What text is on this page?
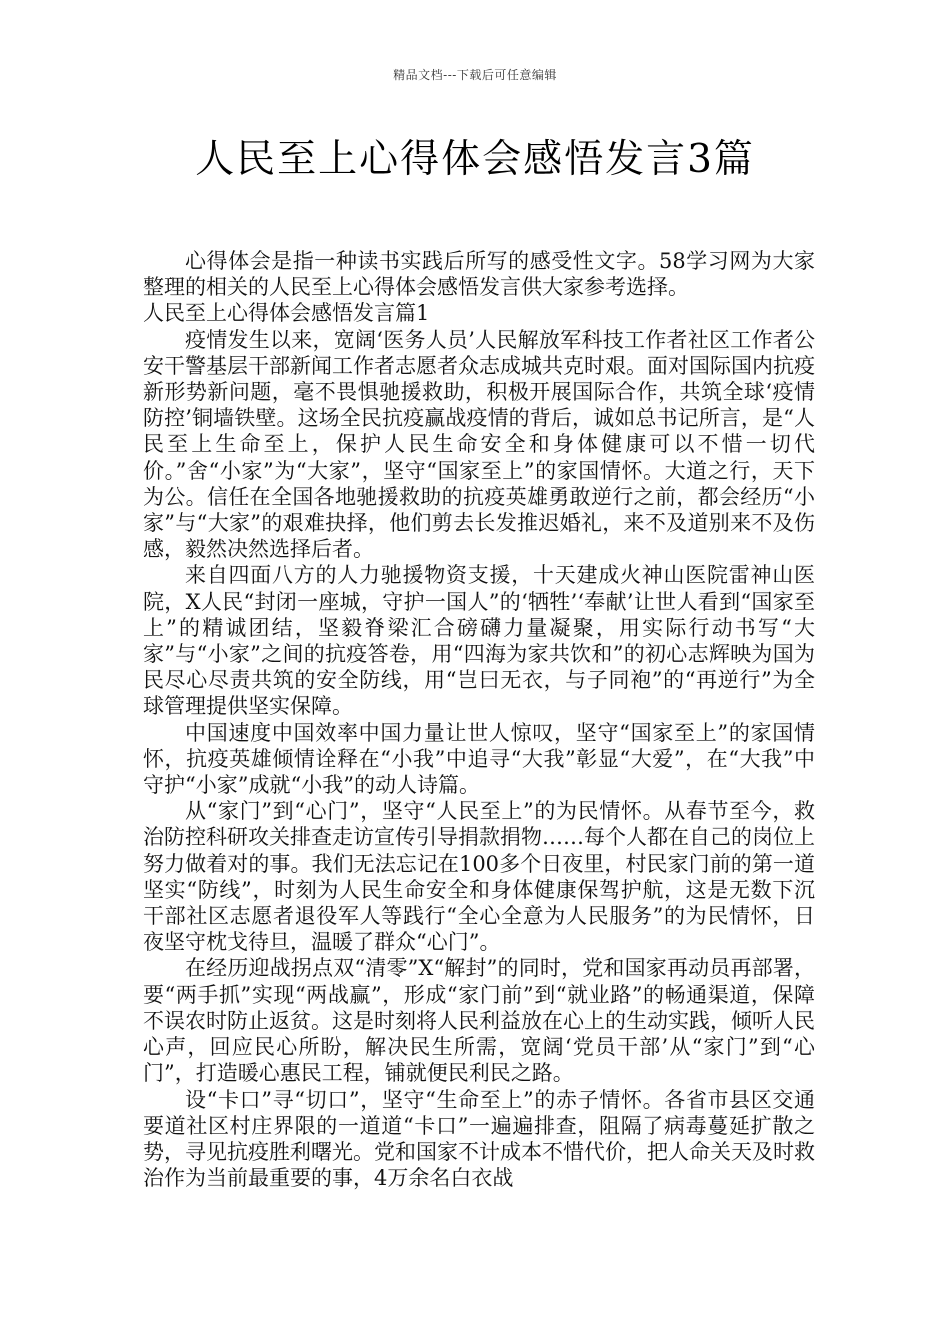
精品文档---下载后可任意编辑
人民至上心得体会感悟发言3篇

心得体会是指一种读书实践后所写的感受性文字。58学习网为大家整理的相关的人民至上心得体会感悟发言供大家参考选择。

人民至上心得体会感悟发言篇1

疫情发生以来，宽阔‘医务人员’人民解放军科技工作者社区工作者公安干警基层干部新闻工作者志愿者众志成城共克时艰。面对国际国内抗疫新形势新问题，毫不畏惧驰援救助，积极开展国际合作，共筑全球‘疫情防控’铜墙铁壁。这场全民抗疫赢战疫情的背后，诚如总书记所言，是“人民至上生命至上，保护人民生命安全和身体健康可以不惜一切代价。”舍“小家”为“大家”，坚守“国家至上”的家国情怀。大道之行，天下为公。信任在全国各地驰援救助的抗疫英雄勇敢逆行之前，都会经历“小家”与“大家”的艰难抉择，他们剪去长发推迟婚礼，来不及道别来不及伤感，毅然决然选择后者。

来自四面八方的人力驰援物资支援，十天建成火神山医院雷神山医院，X人民“封闭一座城，守护一国人”的‘牺牲’‘奉献’让世人看到“国家至上”的精诚团结，坚毅脊梁汇合磅礴力量凝聚，用实际行动书写“大家”与“小家”之间的抗疫答卷，用“四海为家共饮和”的初心志辉映为国为民尽心尽责共筑的安全防线，用“岂曰无衣，与子同袍”的“再逆行”为全球管理提供坚实保障。

中国速度中国效率中国力量让世人惊叹，坚守“国家至上”的家国情怀，抗疫英雄倾情诠释在“小我”中追寻“大我”彰显“大爱”，在“大我”中守护“小家”成就“小我”的动人诗篇。

从“家门”到“心门”，坚守“人民至上”的为民情怀。从春节至今，救治防控科研攻关排查走访宣传引导捐款捐物……每个人都在自己的岗位上努力做着对的事。我们无法忘记在100多个日夜里，村民家门前的第一道坚实“防线”，时刻为人民生命安全和身体健康保驾护航，这是无数下沉干部社区志愿者退役军人等践行“全心全意为人民服务”的为民情怀，日夜坚守枕戈待旦，温暖了群众“心门”。

在经历迎战拐点双“清零”X“解封”的同时，党和国家再动员再部署，要“两手抓”实现“两战赢”，形成“家门前”到“就业路”的畅通渠道，保障不误农时防止返贫。这是时刻将人民利益放在心上的生动实践，倾听人民心声，回应民心所盼，解决民生所需，宽阔‘党员干部’从“家门”到“心门”，打造暖心惠民工程，铺就便民利民之路。

设“卡口”寻“切口”，坚守“生命至上”的赤子情怀。各省市县区交通要道社区村庄界限的一道道“卡口”一遍遍排查，阻隔了病毒蔓延扩散之势，寻见抗疫胜利曙光。党和国家不计成本不惜代价，把人命关天及时救治作为当前最重要的事，4万余名白衣战
